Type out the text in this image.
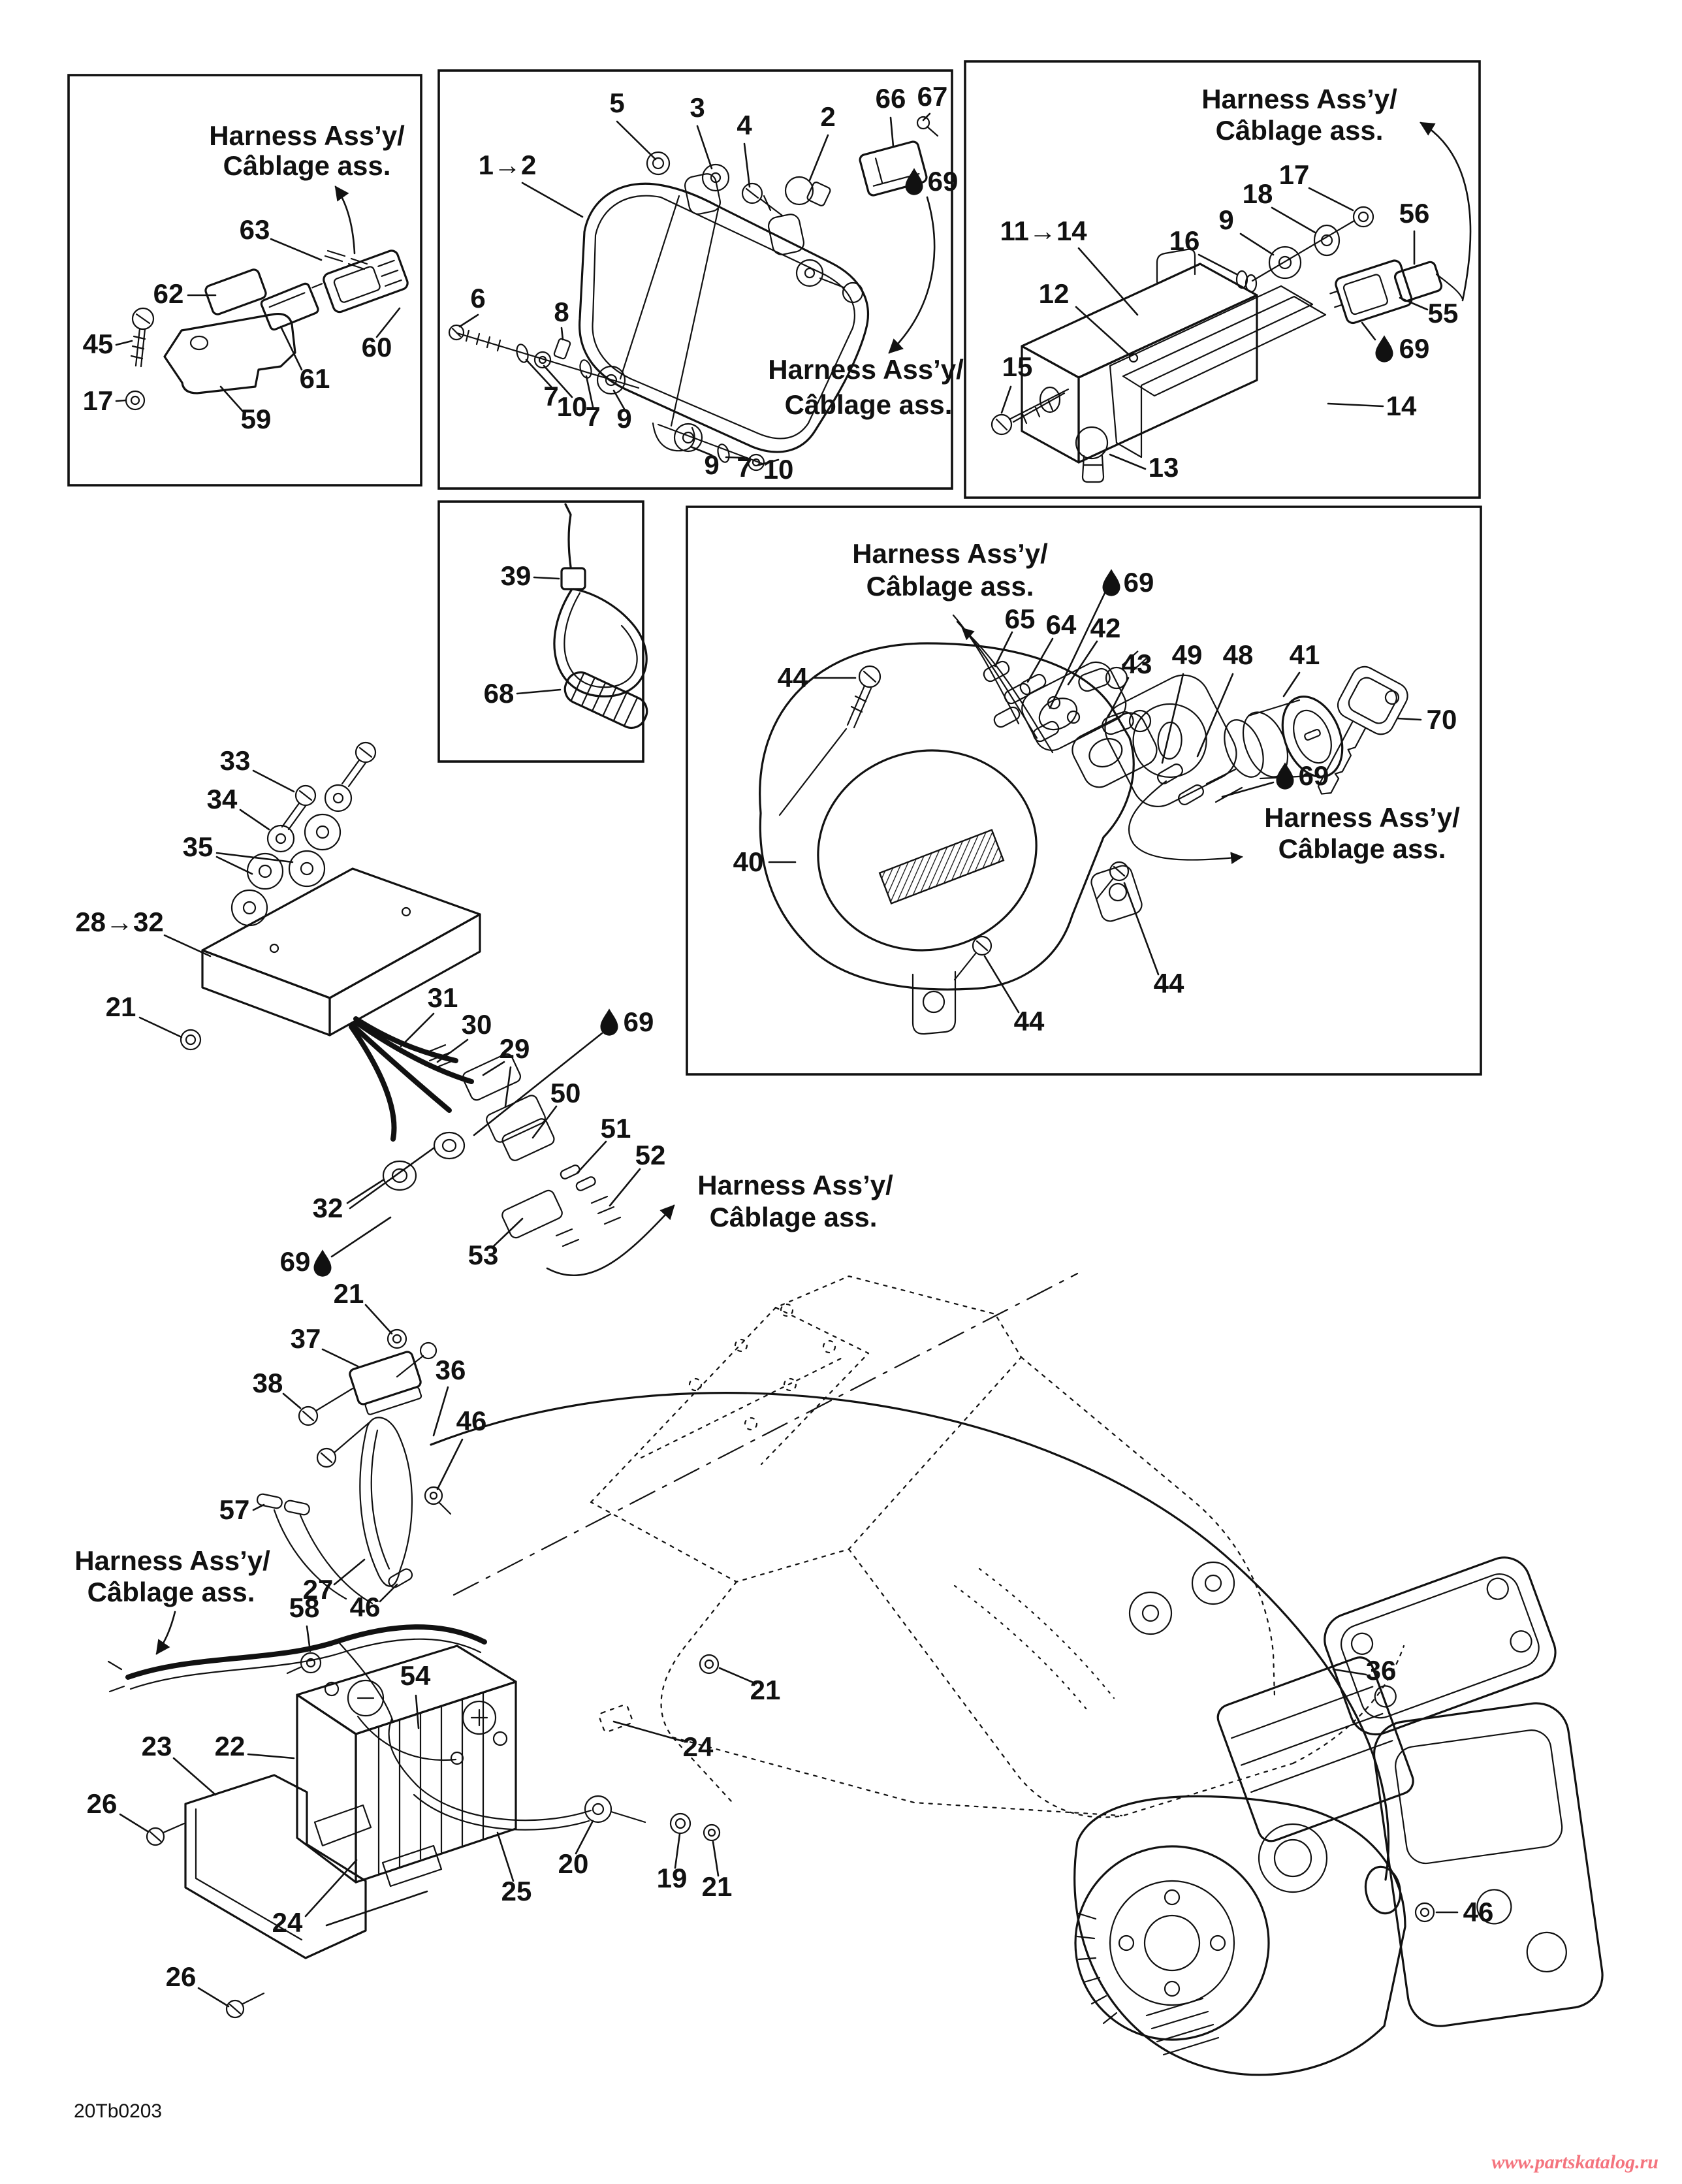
Harness Ass’y/
Câblage ass.
63
62
45
17
59
61
60
5 3
4 2
66 67
69
1→2
6 8
7
10
7 9
9 7 10
Harness Ass’y/
Câblage ass.
Harness Ass’y/
Câblage ass.
17
18
9
16
56
11→14
12
15
55
69
14
13
39
68
Harness Ass’y/
Câblage ass.
Harness Ass’y/
Câblage ass.
44
65 64 42
69
43 49 48 41
70
69
40
44
44
33
34
35
28→32
21	31
30
29
69
50
51
52
32
53
69
Harness Ass’y/
Câblage ass.
21
37
38	36
46
57
Harness Ass’y/
Câblage ass. 27
46
58
54
23 22
26
24
26
25
20 19 21
21
24
36
46
20Tb0203
www.partskatalog.ru
